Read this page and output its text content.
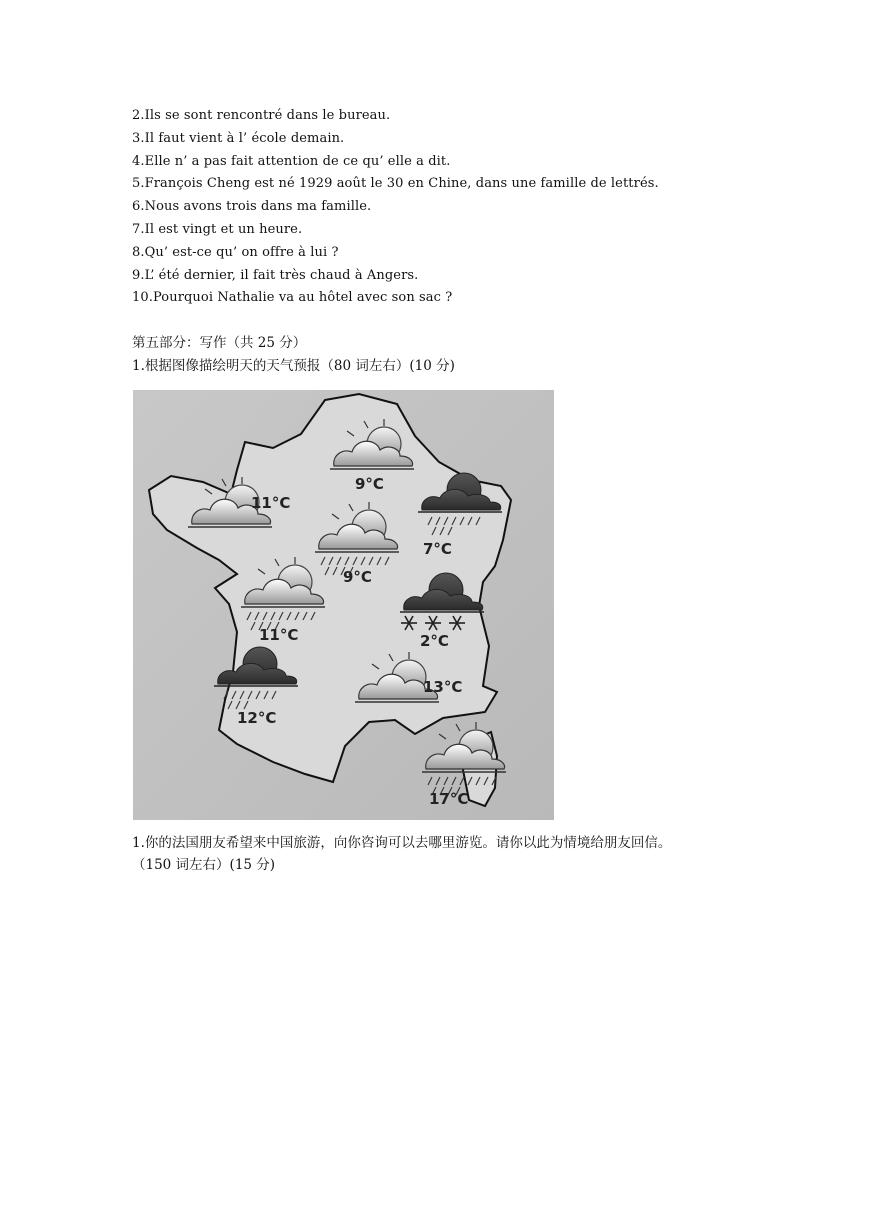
2.Ils se sont rencontré dans le bureau.
3.Il faut vient à l’ école demain.
4.Elle n’ a pas fait attention de ce qu’ elle a dit.
5.François Cheng est né 1929 août le 30 en Chine, dans une famille de lettrés.
6.Nous avons trois dans ma famille.
7.Il est vingt et un heure.
8.Qu’ est-ce qu’ on offre à lui ?
9.L’ été dernier, il fait très chaud à Angers.
10.Pourquoi Nathalie va au hôtel avec son sac ?
第五部分：写作（共 25 分）
1.根据图像描绘明天的天气预报（80 词左右）(10 分)
9°C
11°C
7°C
9°C
11°C	2°C
12°C
13°C
17°C
1.你的法国朋友希望来中国旅游，向你咨询可以去哪里游览。请你以此为情境给朋友回信。
（150 词左右）(15 分)
